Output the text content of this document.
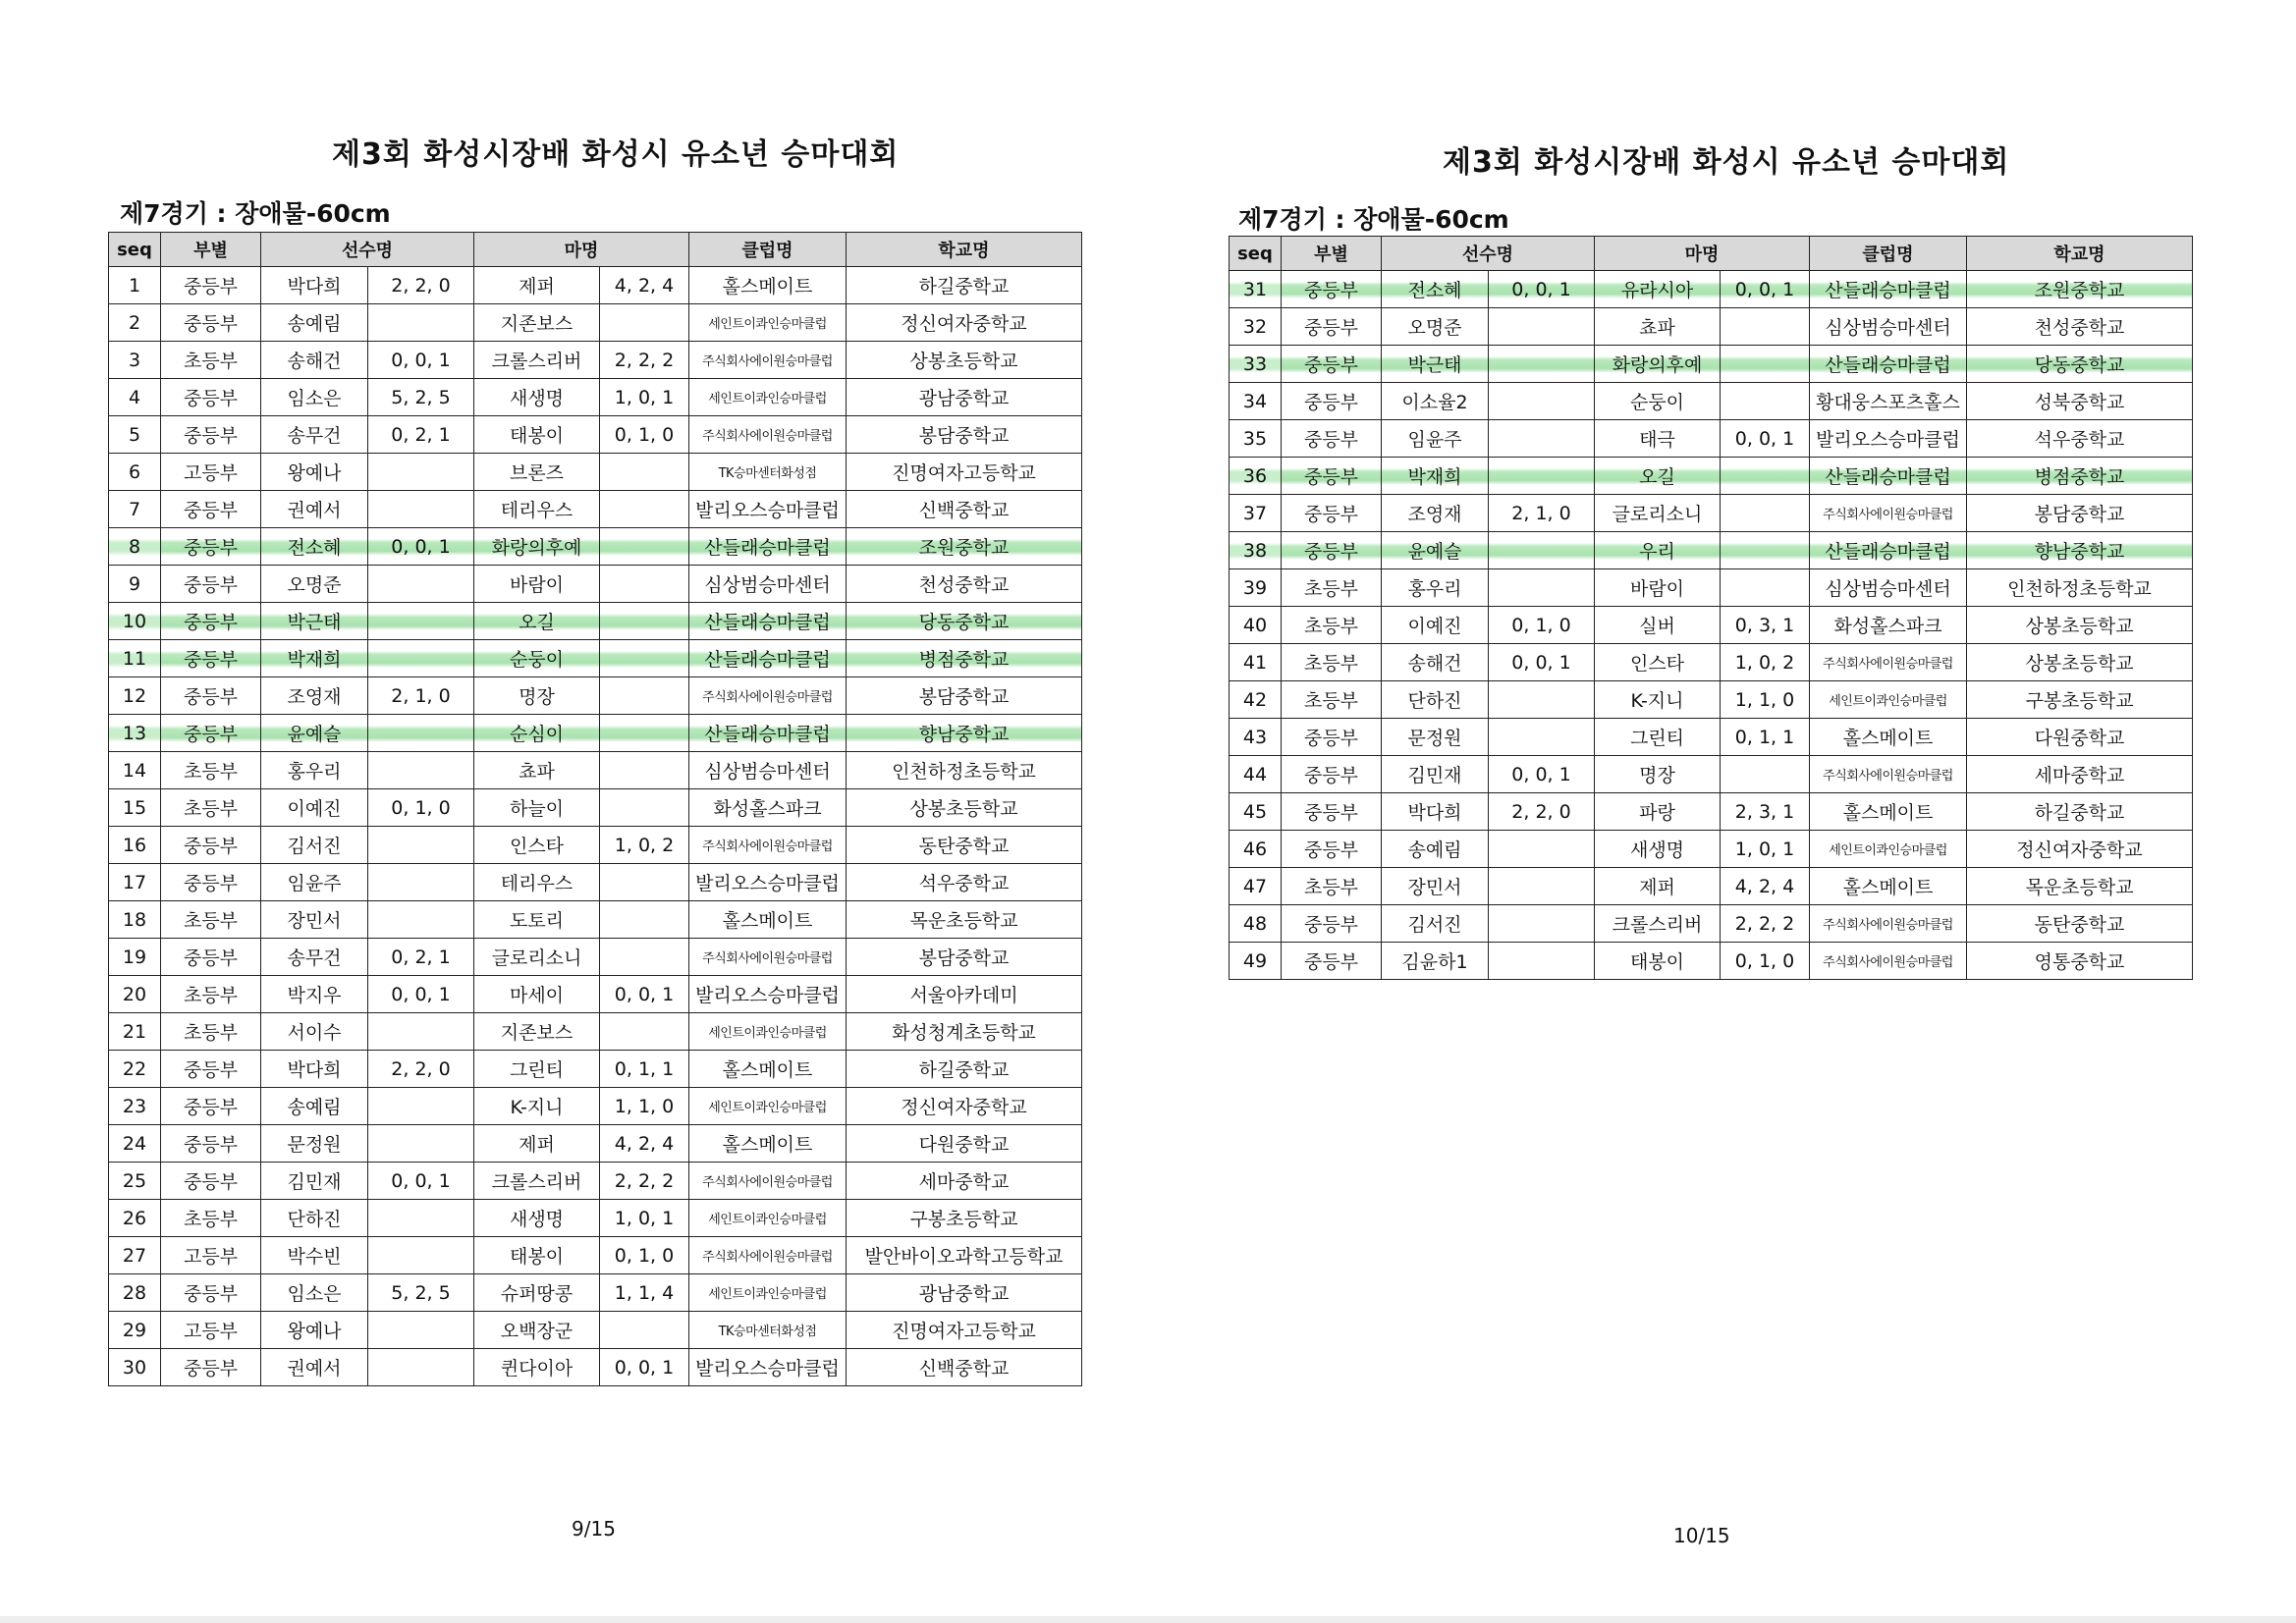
제3회 화성시장배 화성시 유소년 승마대회
제7경기 : 장애물-60cm
seq	부별	선수명		마명		클럽명	학교명
1	중등부	박다희	2, 2, 0	제퍼	4, 2, 4	홀스메이트	하길중학교
2	중등부	송예림		지존보스		세인트이콰인승마클럽	정신여자중학교
3	초등부	송해건	0, 0, 1	크롤스리버	2, 2, 2	주식회사에이원승마클럽	상봉초등학교
4	중등부	임소은	5, 2, 5	새생명	1, 0, 1	세인트이콰인승마클럽	광남중학교
5	중등부	송무건	0, 2, 1	태봉이	0, 1, 0	주식회사에이원승마클럽	봉담중학교
6	고등부	왕예나		브론즈		TK승마센터화성점	진명여자고등학교
7	중등부	권예서		테리우스		발리오스승마클럽	신백중학교
8	중등부	전소혜	0, 0, 1	화랑의후예		산들래승마클럽	조원중학교
9	중등부	오명준		바람이		심상범승마센터	천성중학교
10	중등부	박근태		오길		산들래승마클럽	당동중학교
11	중등부	박재희		순둥이		산들래승마클럽	병점중학교
12	중등부	조영재	2, 1, 0	명장		주식회사에이원승마클럽	봉담중학교
13	중등부	윤예슬		순심이		산들래승마클럽	향남중학교
14	초등부	홍우리		쵸파		심상범승마센터	인천하정초등학교
15	초등부	이예진	0, 1, 0	하늘이		화성홀스파크	상봉초등학교
16	중등부	김서진		인스타	1, 0, 2	주식회사에이원승마클럽	동탄중학교
17	중등부	임윤주		테리우스		발리오스승마클럽	석우중학교
18	초등부	장민서		도토리		홀스메이트	목운초등학교
19	중등부	송무건	0, 2, 1	글로리소니		주식회사에이원승마클럽	봉담중학교
20	초등부	박지우	0, 0, 1	마세이	0, 0, 1	발리오스승마클럽	서울아카데미
21	초등부	서이수		지존보스		세인트이콰인승마클럽	화성청계초등학교
22	중등부	박다희	2, 2, 0	그린티	0, 1, 1	홀스메이트	하길중학교
23	중등부	송예림		K-지니	1, 1, 0	세인트이콰인승마클럽	정신여자중학교
24	중등부	문정원		제퍼	4, 2, 4	홀스메이트	다원중학교
25	중등부	김민재	0, 0, 1	크롤스리버	2, 2, 2	주식회사에이원승마클럽	세마중학교
26	초등부	단하진		새생명	1, 0, 1	세인트이콰인승마클럽	구봉초등학교
27	고등부	박수빈		태봉이	0, 1, 0	주식회사에이원승마클럽	발안바이오과학고등학교
28	중등부	임소은	5, 2, 5	슈퍼땅콩	1, 1, 4	세인트이콰인승마클럽	광남중학교
29	고등부	왕예나		오백장군		TK승마센터화성점	진명여자고등학교
30	중등부	권예서		퀸다이아	0, 0, 1	발리오스승마클럽	신백중학교
9/15
제3회 화성시장배 화성시 유소년 승마대회
제7경기 : 장애물-60cm
seq	부별	선수명		마명		클럽명	학교명
31	중등부	전소혜	0, 0, 1	유라시아	0, 0, 1	산들래승마클럽	조원중학교
32	중등부	오명준		쵸파		심상범승마센터	천성중학교
33	중등부	박근태		화랑의후예		산들래승마클럽	당동중학교
34	중등부	이소율2		순둥이		황대웅스포츠홀스	성북중학교
35	중등부	임윤주		태극	0, 0, 1	발리오스승마클럽	석우중학교
36	중등부	박재희		오길		산들래승마클럽	병점중학교
37	중등부	조영재	2, 1, 0	글로리소니		주식회사에이원승마클럽	봉담중학교
38	중등부	윤예슬		우리		산들래승마클럽	향남중학교
39	초등부	홍우리		바람이		심상범승마센터	인천하정초등학교
40	초등부	이예진	0, 1, 0	실버	0, 3, 1	화성홀스파크	상봉초등학교
41	초등부	송해건	0, 0, 1	인스타	1, 0, 2	주식회사에이원승마클럽	상봉초등학교
42	초등부	단하진		K-지니	1, 1, 0	세인트이콰인승마클럽	구봉초등학교
43	중등부	문정원		그린티	0, 1, 1	홀스메이트	다원중학교
44	중등부	김민재	0, 0, 1	명장		주식회사에이원승마클럽	세마중학교
45	중등부	박다희	2, 2, 0	파랑	2, 3, 1	홀스메이트	하길중학교
46	중등부	송예림		새생명	1, 0, 1	세인트이콰인승마클럽	정신여자중학교
47	초등부	장민서		제퍼	4, 2, 4	홀스메이트	목운초등학교
48	중등부	김서진		크롤스리버	2, 2, 2	주식회사에이원승마클럽	동탄중학교
49	중등부	김윤하1		태봉이	0, 1, 0	주식회사에이원승마클럽	영통중학교
10/15
